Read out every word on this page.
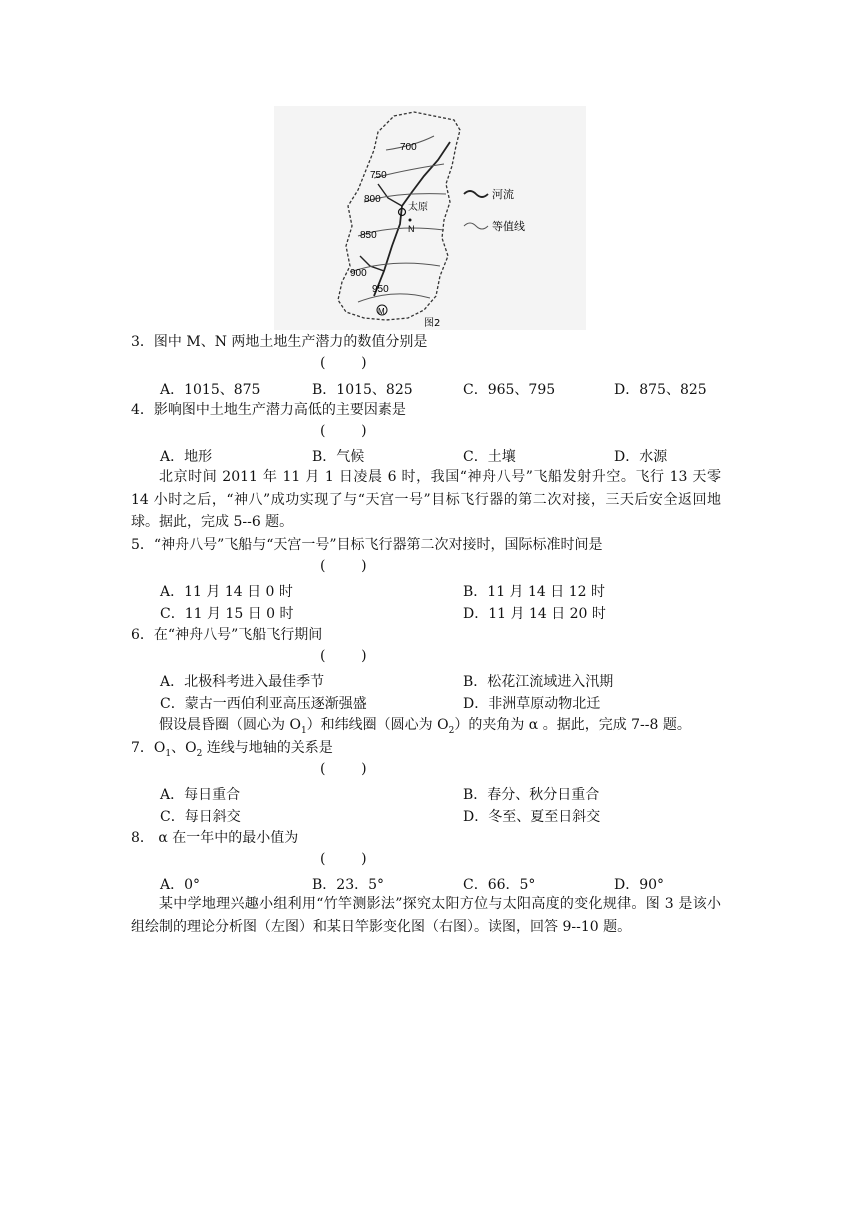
700
750
800
850
900
950
太原
N
M
河流
等值线
图2
3．图中 M、N 两地土地生产潜力的数值分别是
(        )
A．1015、875	B．1015、825	C．965、795	D．875、825
4．影响图中土地生产潜力高低的主要因素是
(        )
A．地形	B．气候	C．土壤	D．水源
北京时间 2011 年 11 月 1 日凌晨 6 时，我国“神舟八号”飞船发射升空。飞行 13 天零 14 小时之后，“神八”成功实现了与“天宫一号”目标飞行器的第二次对接，三天后安全返回地球。据此，完成 5--6 题。
5．“神舟八号”飞船与“天宫一号”目标飞行器第二次对接时，国际标准时间是
(        )
A．11 月 14 日 0 时	B．11 月 14 日 12 时
C．11 月 15 日 0 时	D．11 月 14 日 20 时
6．在“神舟八号”飞船飞行期间
(        )
A．北极科考进入最佳季节	B．松花江流域进入汛期
C．蒙古一西伯利亚高压逐渐强盛	D．非洲草原动物北迁
假设晨昏圈（圆心为 $O_1$）和纬线圈（圆心为 $O_2$）的夹角为 α 。据此，完成 7--8 题。
7．$O_1$、$O_2$ 连线与地轴的关系是
(        )
A．每日重合	B．春分、秋分日重合
C．每日斜交	D．冬至、夏至日斜交
8． α 在一年中的最小值为
(        )
A．0°	B．23．5°	C．66．5°	D．90°
某中学地理兴趣小组利用“竹竿测影法”探究太阳方位与太阳高度的变化规律。图 3 是该小组绘制的理论分析图（左图）和某日竿影变化图（右图）。读图，回答 9--10 题。
